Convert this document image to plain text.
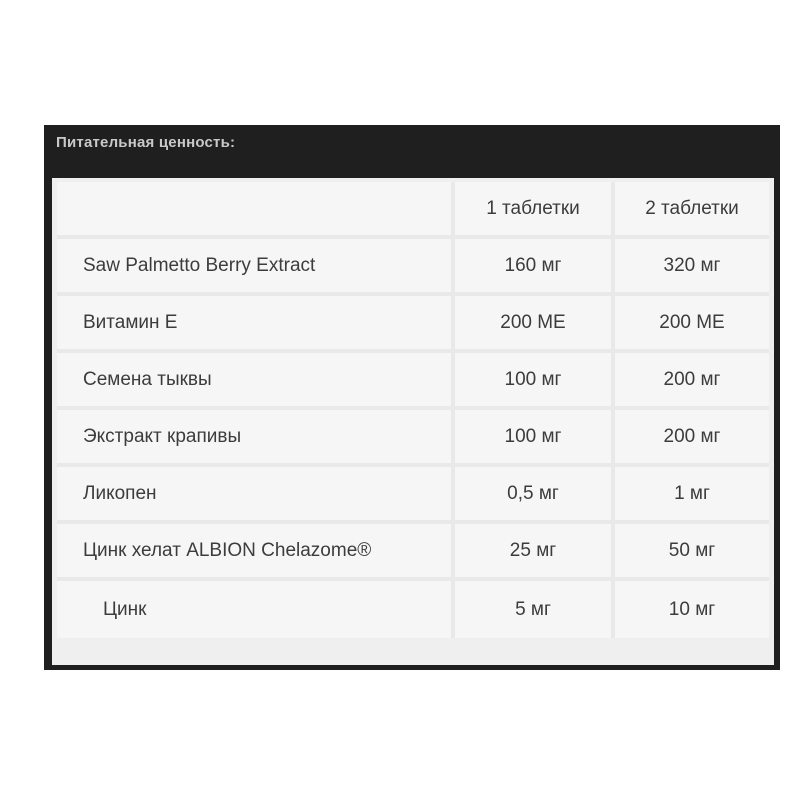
Питательная ценность:
	1 таблетки	2 таблетки
Saw Palmetto Berry Extract	160 мг	320 мг
Витамин E	200 МЕ	200 МЕ
Семена тыквы	100 мг	200 мг
Экстракт крапивы	100 мг	200 мг
Ликопен	0,5 мг	1 мг
Цинк хелат ALBION Chelazome®	25 мг	50 мг
Цинк	5 мг	10 мг
